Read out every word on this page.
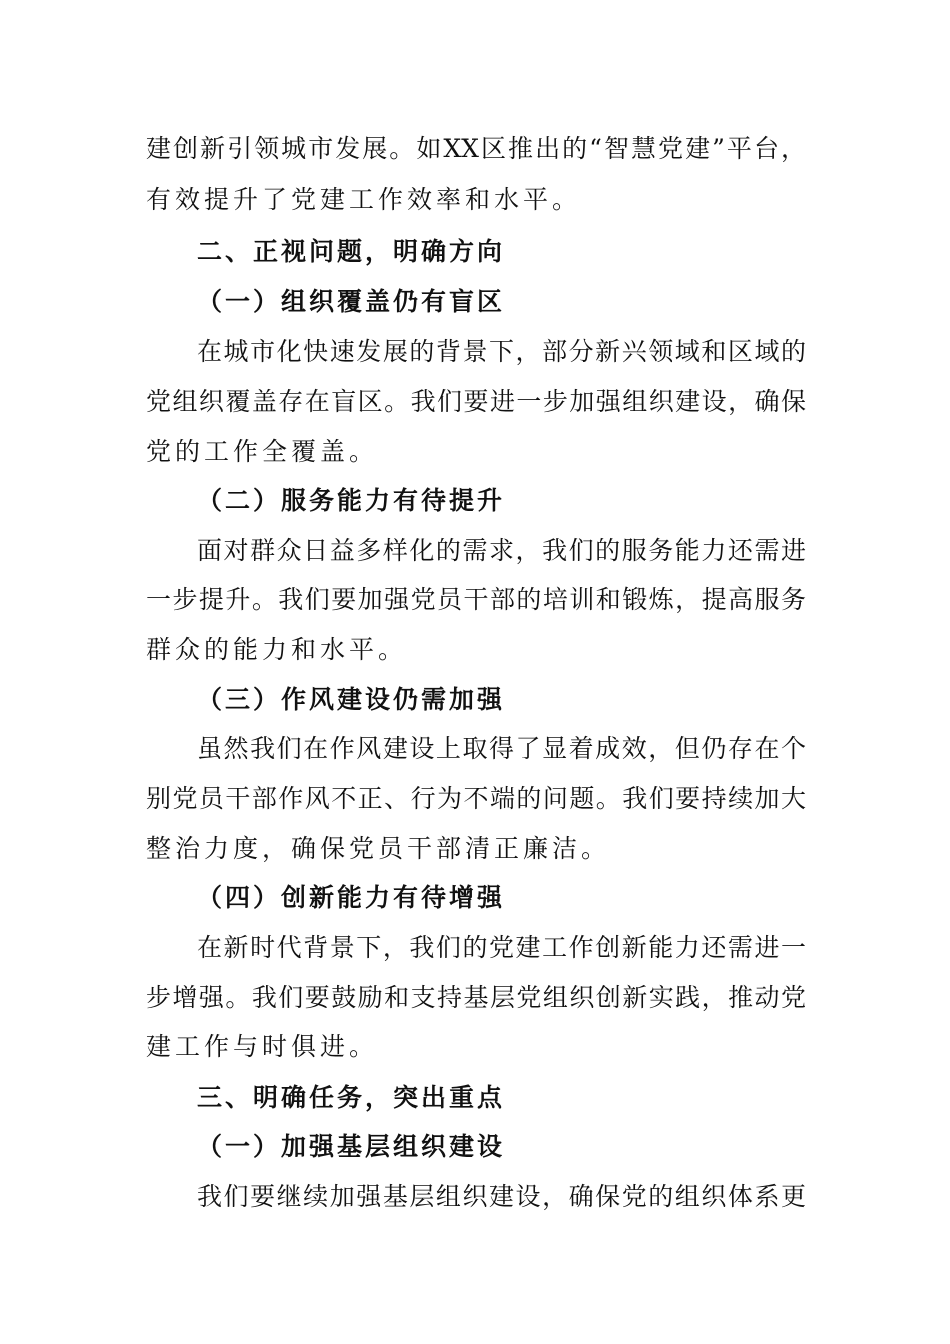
建创新引领城市发展。如XX区推出的“智慧党建”平台，
有效提升了党建工作效率和水平。
二、正视问题，明确方向
（一）组织覆盖仍有盲区
在城市化快速发展的背景下，部分新兴领域和区域的
党组织覆盖存在盲区。我们要进一步加强组织建设，确保
党的工作全覆盖。
（二）服务能力有待提升
面对群众日益多样化的需求，我们的服务能力还需进
一步提升。我们要加强党员干部的培训和锻炼，提高服务
群众的能力和水平。
（三）作风建设仍需加强
虽然我们在作风建设上取得了显着成效，但仍存在个
别党员干部作风不正、行为不端的问题。我们要持续加大
整治力度，确保党员干部清正廉洁。
（四）创新能力有待增强
在新时代背景下，我们的党建工作创新能力还需进一
步增强。我们要鼓励和支持基层党组织创新实践，推动党
建工作与时俱进。
三、明确任务，突出重点
（一）加强基层组织建设
我们要继续加强基层组织建设，确保党的组织体系更
